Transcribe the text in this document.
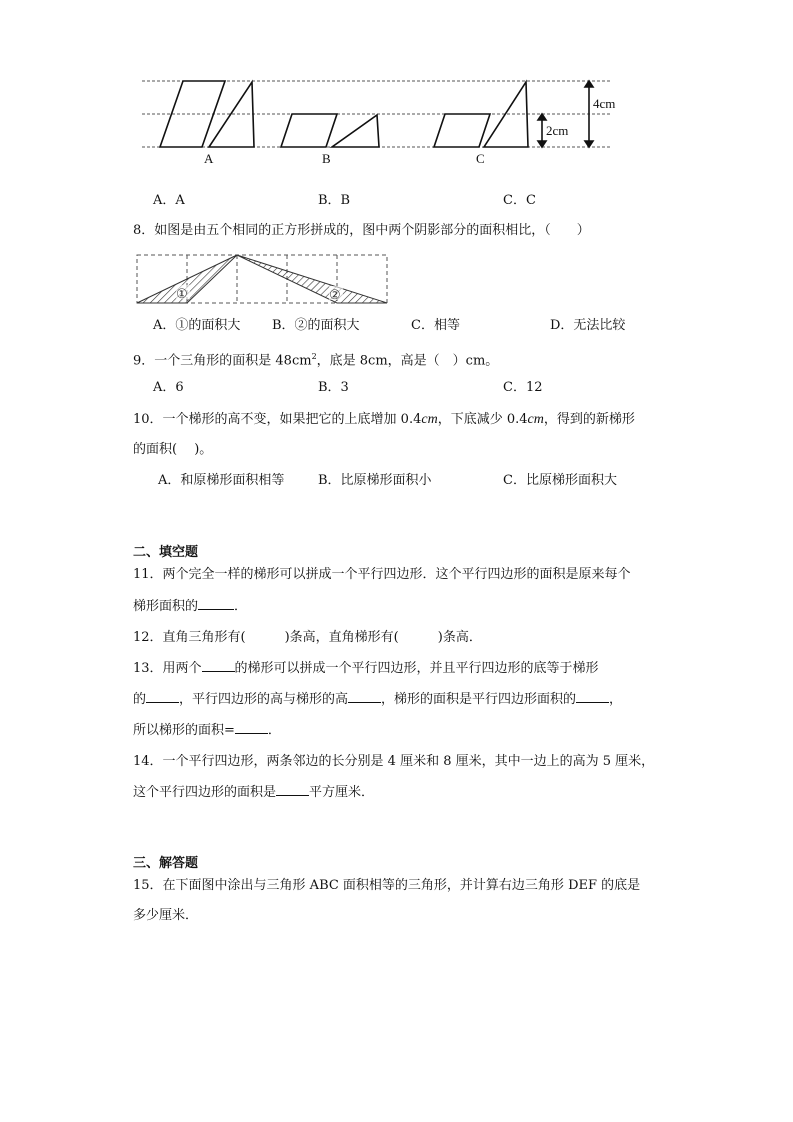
A	B	C
2cm
4cm
A．A	B．B	C．C
8．如图是由五个相同的正方形拼成的，图中两个阴影部分的面积相比，（　　）
①	②
A．①的面积大 B．②的面积大	C．相等	D．无法比较
9．一个三角形的面积是 $48cm^2$，底是 8cm，高是（　）cm。
A．6	B．3	C．12
10．一个梯形的高不变，如果把它的上底增加 0.4cm，下底减少 0.4cm，得到的新梯形
的面积(　 )。
A．和原梯形面积相等	B．比原梯形面积小	C．比原梯形面积大
二、填空题
11．两个完全一样的梯形可以拼成一个平行四边形．这个平行四边形的面积是原来每个
梯形面积的	．
12．直角三角形有(　　　)条高，直角梯形有(　　　)条高．
13．用两个	的梯形可以拼成一个平行四边形，并且平行四边形的底等于梯形
的	，平行四边形的高与梯形的高	，梯形的面积是平行四边形面积的	，
所以梯形的面积=	．
14．一个平行四边形，两条邻边的长分别是 4 厘米和 8 厘米，其中一边上的高为 5 厘米，
这个平行四边形的面积是	平方厘米．
三、解答题
15．在下面图中涂出与三角形 ABC 面积相等的三角形，并计算右边三角形 DEF 的底是
多少厘米．
